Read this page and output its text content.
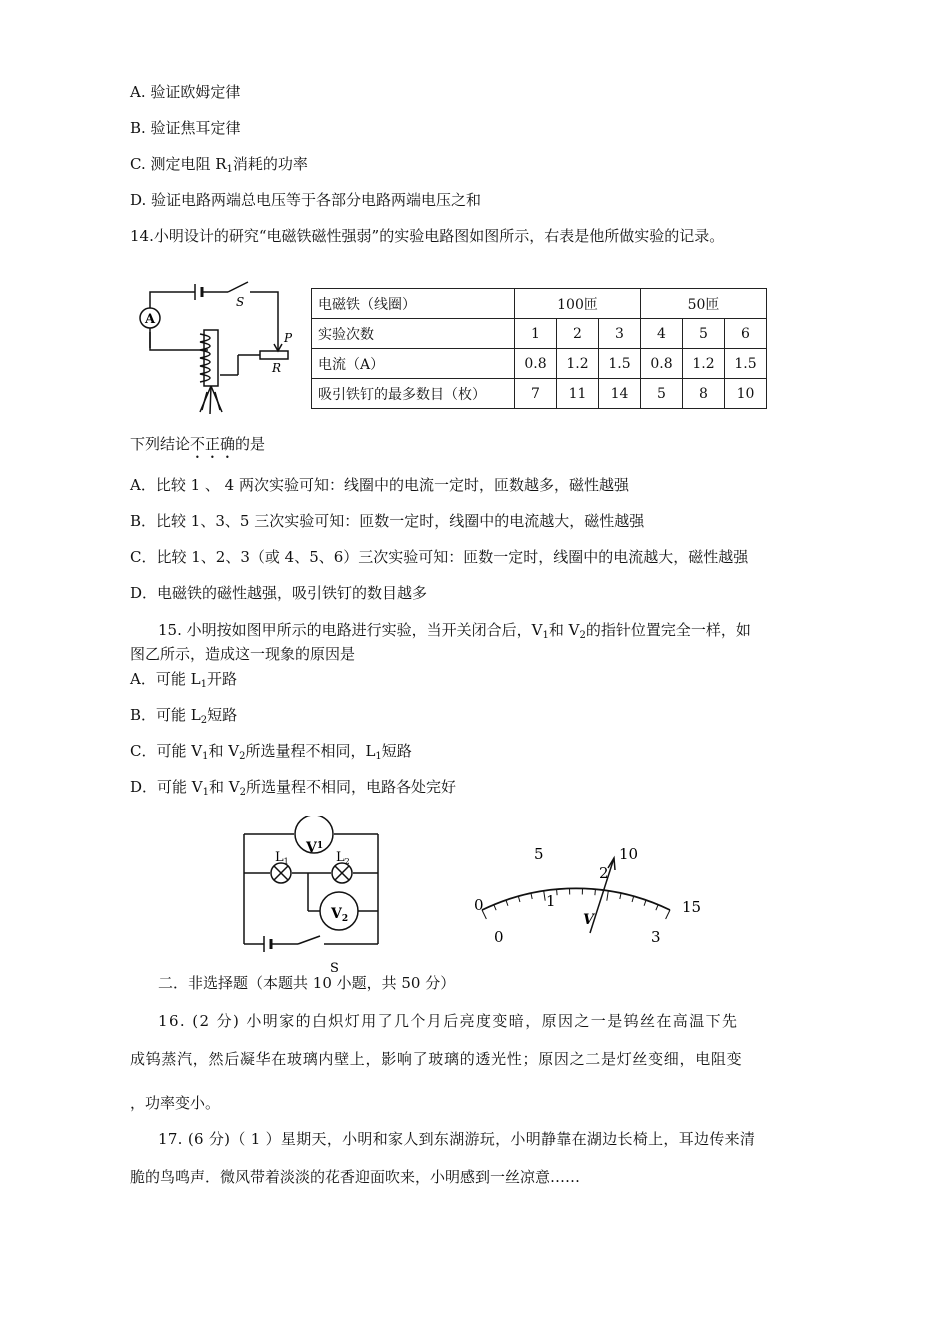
A. 验证欧姆定律
B. 验证焦耳定律
C. 测定电阻 $R_1$消耗的功率
D. 验证电路两端总电压等于各部分电路两端电压之和
14.小明设计的研究“电磁铁磁性强弱”的实验电路图如图所示，右表是他所做实验的记录。
A
S
P
R
电磁铁（线圈）	100匝			50匝		
实验次数	1	2	3	4	5	6
电流（A）	0.8	1.2	1.5	0.8	1.2	1.5
吸引铁钉的最多数目（枚）	7	11	14	5	8	10
下列结论不正确的是
A．比较 1 、 4 两次实验可知：线圈中的电流一定时，匝数越多，磁性越强
B．比较 1、3、5 三次实验可知：匝数一定时，线圈中的电流越大，磁性越强
C．比较 1、2、3（或 4、5、6）三次实验可知：匝数一定时，线圈中的电流越大，磁性越强
D．电磁铁的磁性越强，吸引铁钉的数目越多
15. 小明按如图甲所示的电路进行实验，当开关闭合后，$V_1$和 $V_2$的指针位置完全一样，如
图乙所示，造成这一现象的原因是
A．可能 $L_1$开路
B．可能 $L_2$短路
C．可能 $V_1$和 $V_2$所选量程不相同，$L_1$短路
D．可能 $V_1$和 $V_2$所选量程不相同，电路各处完好
$V^1$
$L_1$	$L_2$
$V_2$
S
0
5	10
15
0
1
2
3
V
二．非选择题（本题共 10 小题，共 50 分）
16. (2 分) 小明家的白炽灯用了几个月后亮度变暗，原因之一是钨丝在高温下先
成钨蒸汽，然后凝华在玻璃内壁上，影响了玻璃的透光性；原因之二是灯丝变细，电阻变
，功率变小。
17. (6 分)（ 1 ）星期天，小明和家人到东湖游玩，小明静靠在湖边长椅上，耳边传来清
脆的鸟鸣声．微风带着淡淡的花香迎面吹来，小明感到一丝凉意……
